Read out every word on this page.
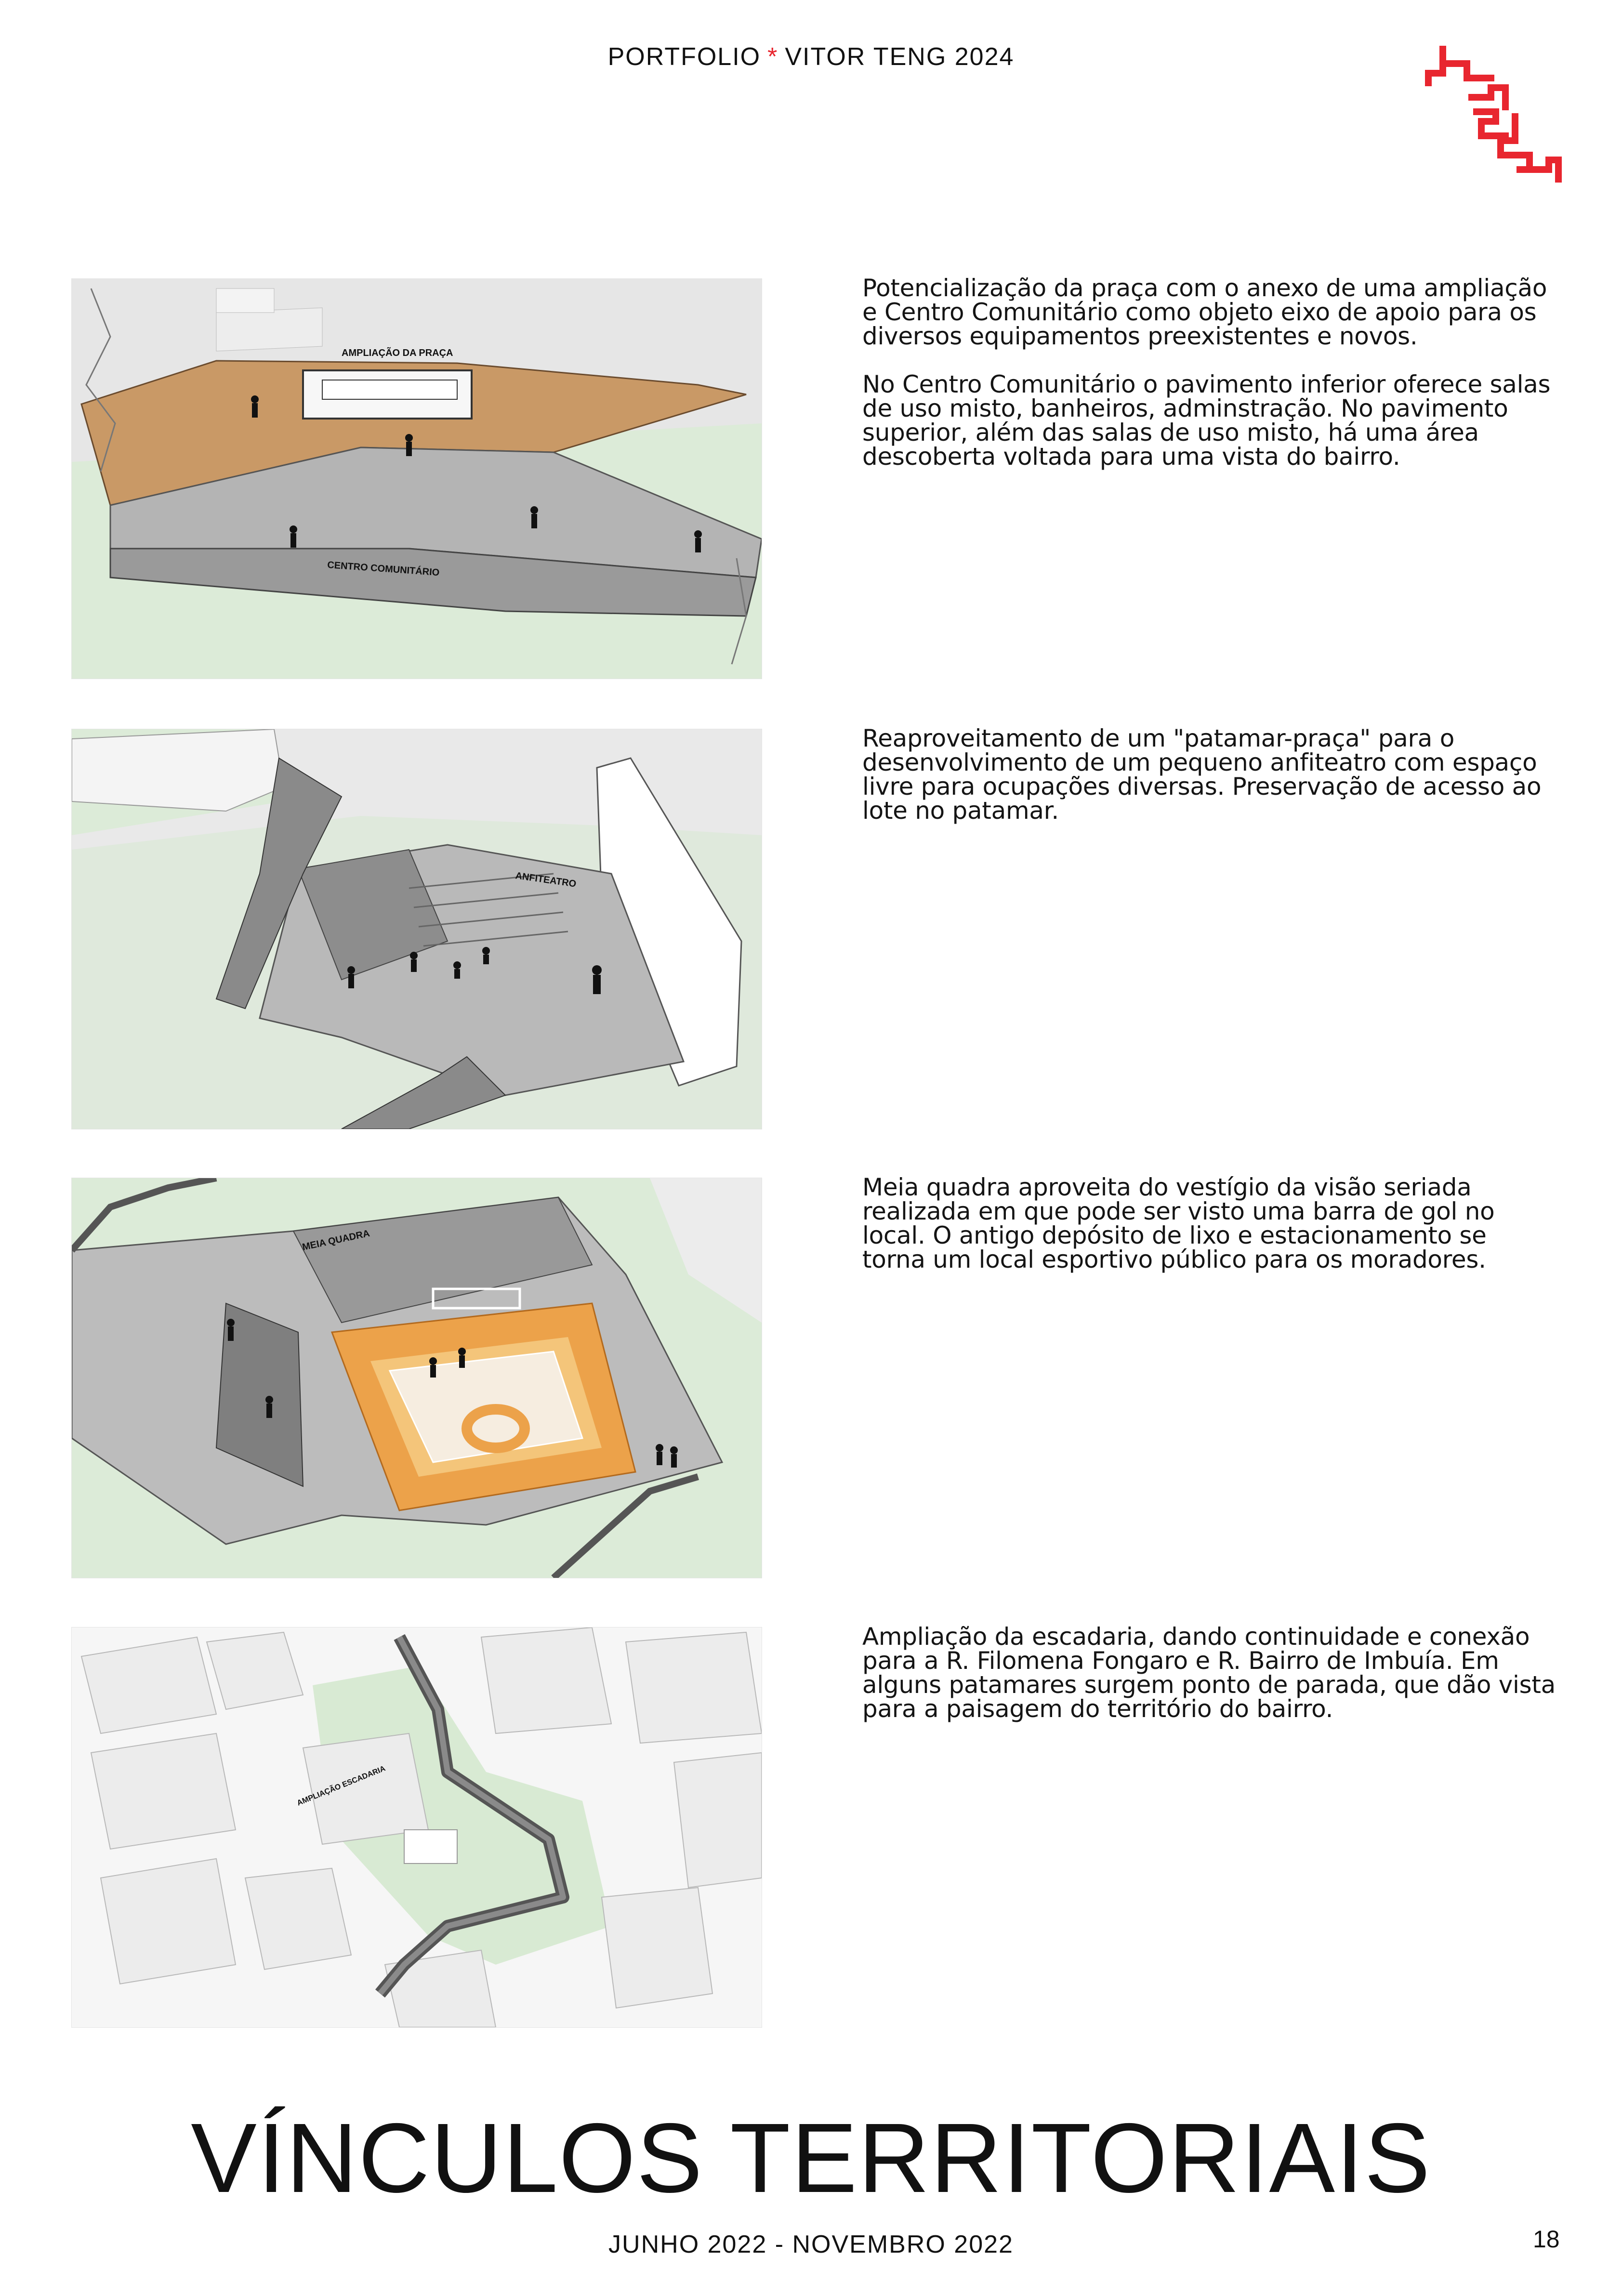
PORTFOLIO * VITOR TENG 2024
AMPLIAÇÃO DA PRAÇA
CENTRO COMUNITÁRIO
Potencialização da praça com o anexo de uma ampliação e Centro Comunitário como objeto eixo de apoio para os diversos equipamentos preexistentes e novos.

No Centro Comunitário o pavimento inferior oferece salas de uso misto, banheiros, adminstração. No pavimento superior, além das salas de uso misto, há uma área descoberta voltada para uma vista do bairro.
ANFITEATRO
Reaproveitamento de um "patamar-praça" para o desenvolvimento de um pequeno anfiteatro com espaço livre para ocupações diversas. Preservação de acesso ao lote no patamar.
MEIA QUADRA
Meia quadra aproveita do vestígio da visão seriada realizada em que pode ser visto uma barra de gol no local. O antigo depósito de lixo e estacionamento se torna um local esportivo público para os moradores.
AMPLIAÇÃO ESCADARIA
Ampliação da escadaria, dando continuidade e conexão para a R. Filomena Fongaro e R. Bairro de Imbuía. Em alguns patamares surgem ponto de parada, que dão vista para a paisagem do território do bairro.
VÍNCULOS TERRITORIAIS
JUNHO 2022 - NOVEMBRO 2022	18
